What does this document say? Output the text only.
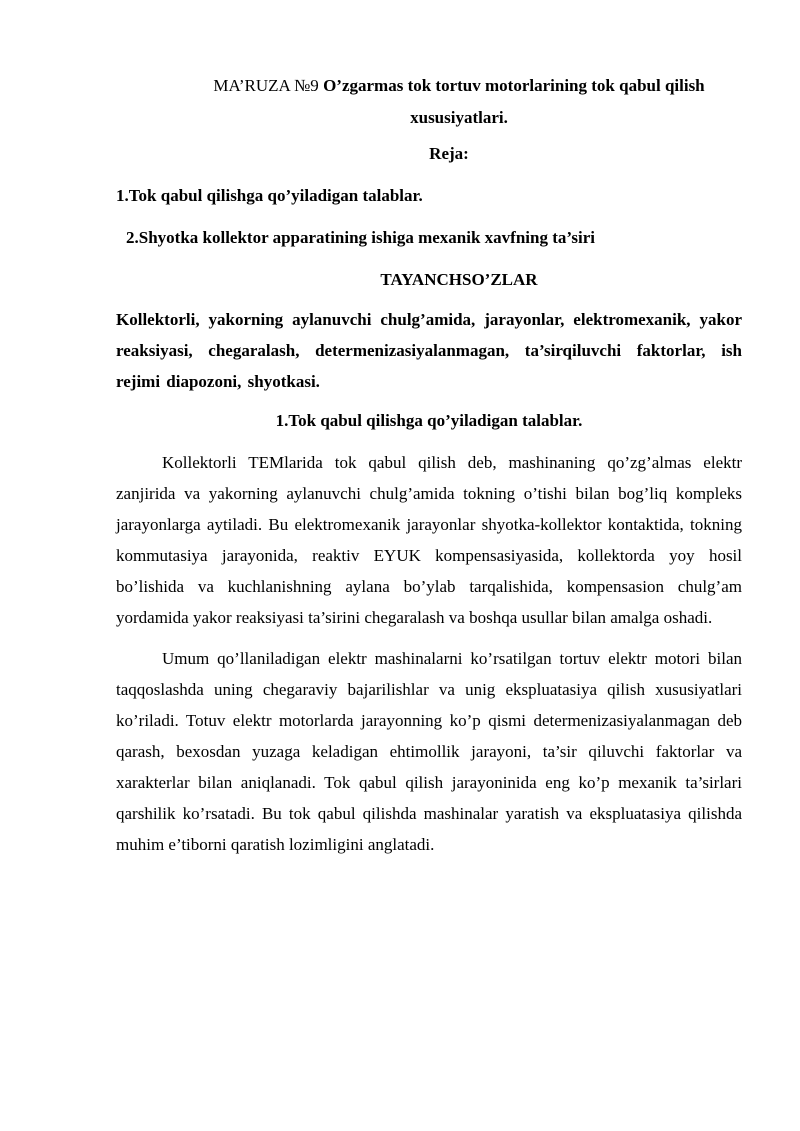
MA’RUZA №9 O’zgarmas tok tortuv motorlarining tok qabul qilish

xususiyatlari.

Reja:

1.Tok qabul qilishga qo’yiladigan talablar.

2.Shyotka kollektor apparatining ishiga mexanik xavfning ta’siri

TAYANCHSO’ZLAR

Kollektorli, yakorning aylanuvchi chulg’amida, jarayonlar, elektromexanik, yakor reaksiyasi, chegaralash, determenizasiyalanmagan, ta’sirqiluvchi faktorlar, ish rejimi diapozoni, shyotkasi.

1.Tok qabul qilishga qo’yiladigan talablar.

Kollektorli TEMlarida tok qabul qilish deb, mashinaning qo’zg’almas elektr zanjirida va yakorning aylanuvchi chulg’amida tokning o’tishi bilan bog’liq kompleks jarayonlarga aytiladi. Bu elektromexanik jarayonlar shyotka-kollektor kontaktida, tokning kommutasiya jarayonida, reaktiv EYUK kompensasiyasida, kollektorda yoy hosil bo’lishida va kuchlanishning aylana bo’ylab tarqalishida, kompensasion chulg’am yordamida yakor reaksiyasi ta’sirini chegaralash va boshqa usullar bilan amalga oshadi.

Umum qo’llaniladigan elektr mashinalarni ko’rsatilgan tortuv elektr motori bilan taqqoslashda uning chegaraviy bajarilishlar va unig ekspluatasiya qilish xususiyatlari ko’riladi. Totuv elektr motorlarda jarayonning ko’p qismi determenizasiyalanmagan deb qarash, bexosdan yuzaga keladigan ehtimollik jarayoni, ta’sir qiluvchi faktorlar va xarakterlar bilan aniqlanadi. Tok qabul qilish jarayoninida eng ko’p mexanik ta’sirlari qarshilik ko’rsatadi. Bu tok qabul qilishda mashinalar yaratish va ekspluatasiya qilishda muhim e’tiborni qaratish lozimligini anglatadi.
